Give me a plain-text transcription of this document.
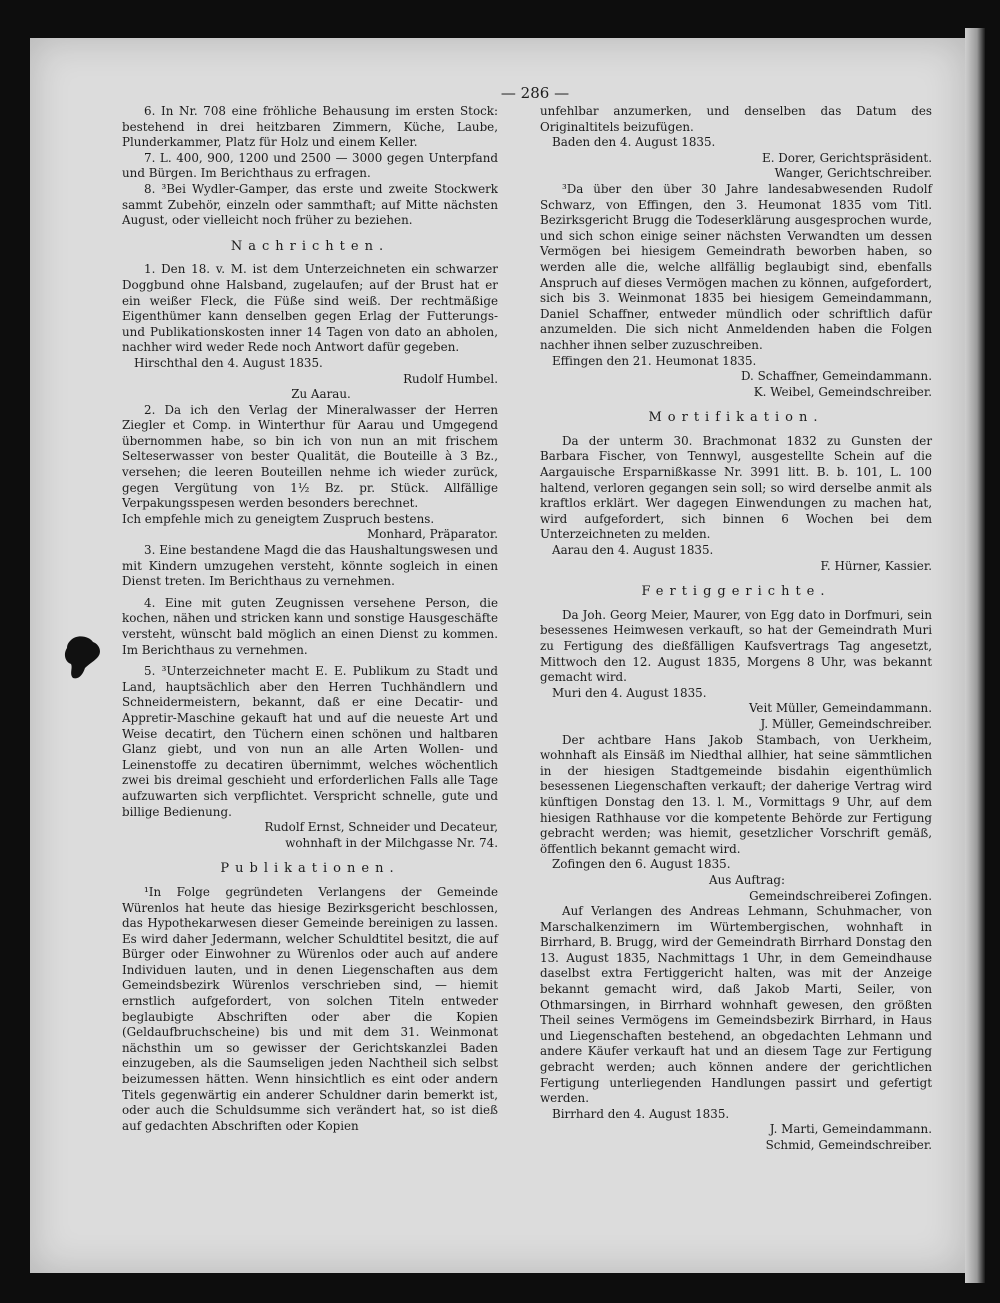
— 286 —

6. In Nr. 708 eine fröhliche Behausung im ersten Stock: bestehend in drei heitzbaren Zimmern, Küche, Laube, Plunderkammer, Platz für Holz und einem Keller.

7. L. 400, 900, 1200 und 2500 — 3000 gegen Unterpfand und Bürgen. Im Berichthaus zu erfragen.

8. ³Bei Wydler-Gamper, das erste und zweite Stockwerk sammt Zubehör, einzeln oder sammthaft; auf Mitte nächsten August, oder vielleicht noch früher zu beziehen.

Nachrichten.

1. Den 18. v. M. ist dem Unterzeichneten ein schwarzer Doggbund ohne Halsband, zugelaufen; auf der Brust hat er ein weißer Fleck, die Füße sind weiß. Der rechtmäßige Eigenthümer kann denselben gegen Erlag der Futterungs- und Publikationskosten inner 14 Tagen von dato an abholen, nachher wird weder Rede noch Antwort dafür gegeben.

Hirschthal den 4. August 1835.

Rudolf Humbel.

Zu Aarau.

2. Da ich den Verlag der Mineralwasser der Herren Ziegler et Comp. in Winterthur für Aarau und Umgegend übernommen habe, so bin ich von nun an mit frischem Selteserwasser von bester Qualität, die Bouteille à 3 Bz., versehen; die leeren Bouteillen nehme ich wieder zurück, gegen Vergütung von 1½ Bz. pr. Stück. Allfällige Verpakungsspesen werden besonders berechnet.

Ich empfehle mich zu geneigtem Zuspruch bestens.

Monhard, Präparator.

3. Eine bestandene Magd die das Haushaltungswesen und mit Kindern umzugehen versteht, könnte sogleich in einen Dienst treten. Im Berichthaus zu vernehmen.

4. Eine mit guten Zeugnissen versehene Person, die kochen, nähen und stricken kann und sonstige Hausgeschäfte versteht, wünscht bald möglich an einen Dienst zu kommen. Im Berichthaus zu vernehmen.

5. ³Unterzeichneter macht E. E. Publikum zu Stadt und Land, hauptsächlich aber den Herren Tuchhändlern und Schneidermeistern, bekannt, daß er eine Decatir- und Appretir-Maschine gekauft hat und auf die neueste Art und Weise decatirt, den Tüchern einen schönen und haltbaren Glanz giebt, und von nun an alle Arten Wollen- und Leinenstoffe zu decatiren übernimmt, welches wöchentlich zwei bis dreimal geschieht und erforderlichen Falls alle Tage aufzuwarten sich verpflichtet. Verspricht schnelle, gute und billige Bedienung.

Rudolf Ernst, Schneider und Decateur,

wohnhaft in der Milchgasse Nr. 74.

Publikationen.

¹In Folge gegründeten Verlangens der Gemeinde Würenlos hat heute das hiesige Bezirksgericht beschlossen, das Hypothekarwesen dieser Gemeinde bereinigen zu lassen. Es wird daher Jedermann, welcher Schuldtitel besitzt, die auf Bürger oder Einwohner zu Würenlos oder auch auf andere Individuen lauten, und in denen Liegenschaften aus dem Gemeindsbezirk Würenlos verschrieben sind, — hiemit ernstlich aufgefordert, von solchen Titeln entweder beglaubigte Abschriften oder aber die Kopien (Geldaufbruchscheine) bis und mit dem 31. Weinmonat nächsthin um so gewisser der Gerichtskanzlei Baden einzugeben, als die Saumseligen jeden Nachtheil sich selbst beizumessen hätten. Wenn hinsichtlich es eint oder andern Titels gegenwärtig ein anderer Schuldner darin bemerkt ist, oder auch die Schuldsumme sich verändert hat, so ist dieß auf gedachten Abschriften oder Kopien

unfehlbar anzumerken, und denselben das Datum des Originaltitels beizufügen.

Baden den 4. August 1835.

E. Dorer, Gerichtspräsident.

Wanger, Gerichtschreiber.

³Da über den über 30 Jahre landesabwesenden Rudolf Schwarz, von Effingen, den 3. Heumonat 1835 vom Titl. Bezirksgericht Brugg die Todeserklärung ausgesprochen wurde, und sich schon einige seiner nächsten Verwandten um dessen Vermögen bei hiesigem Gemeindrath beworben haben, so werden alle die, welche allfällig beglaubigt sind, ebenfalls Anspruch auf dieses Vermögen machen zu können, aufgefordert, sich bis 3. Weinmonat 1835 bei hiesigem Gemeindammann, Daniel Schaffner, entweder mündlich oder schriftlich dafür anzumelden. Die sich nicht Anmeldenden haben die Folgen nachher ihnen selber zuzuschreiben.

Effingen den 21. Heumonat 1835.

D. Schaffner, Gemeindammann.

K. Weibel, Gemeindschreiber.

Mortifikation.

Da der unterm 30. Brachmonat 1832 zu Gunsten der Barbara Fischer, von Tennwyl, ausgestellte Schein auf die Aargauische Ersparnißkasse Nr. 3991 litt. B. b. 101, L. 100 haltend, verloren gegangen sein soll; so wird derselbe anmit als kraftlos erklärt. Wer dagegen Einwendungen zu machen hat, wird aufgefordert, sich binnen 6 Wochen bei dem Unterzeichneten zu melden.

Aarau den 4. August 1835.

F. Hürner, Kassier.

Fertiggerichte.

Da Joh. Georg Meier, Maurer, von Egg dato in Dorfmuri, sein besessenes Heimwesen verkauft, so hat der Gemeindrath Muri zu Fertigung des dießfälligen Kaufsvertrags Tag angesetzt, Mittwoch den 12. August 1835, Morgens 8 Uhr, was bekannt gemacht wird.

Muri den 4. August 1835.

Veit Müller, Gemeindammann.

J. Müller, Gemeindschreiber.

Der achtbare Hans Jakob Stambach, von Uerkheim, wohnhaft als Einsäß im Niedthal allhier, hat seine sämmtlichen in der hiesigen Stadtgemeinde bisdahin eigenthümlich besessenen Liegenschaften verkauft; der daherige Vertrag wird künftigen Donstag den 13. l. M., Vormittags 9 Uhr, auf dem hiesigen Rathhause vor die kompetente Behörde zur Fertigung gebracht werden; was hiemit, gesetzlicher Vorschrift gemäß, öffentlich bekannt gemacht wird.

Zofingen den 6. August 1835.

Aus Auftrag:

Gemeindschreiberei Zofingen.

Auf Verlangen des Andreas Lehmann, Schuhmacher, von Marschalkenzimern im Würtembergischen, wohnhaft in Birrhard, B. Brugg, wird der Gemeindrath Birrhard Donstag den 13. August 1835, Nachmittags 1 Uhr, in dem Gemeindhause daselbst extra Fertiggericht halten, was mit der Anzeige bekannt gemacht wird, daß Jakob Marti, Seiler, von Othmarsingen, in Birrhard wohnhaft gewesen, den größten Theil seines Vermögens im Gemeindsbezirk Birrhard, in Haus und Liegenschaften bestehend, an obgedachten Lehmann und andere Käufer verkauft hat und an diesem Tage zur Fertigung gebracht werden; auch können andere der gerichtlichen Fertigung unterliegenden Handlungen passirt und gefertigt werden.

Birrhard den 4. August 1835.

J. Marti, Gemeindammann.

Schmid, Gemeindschreiber.
